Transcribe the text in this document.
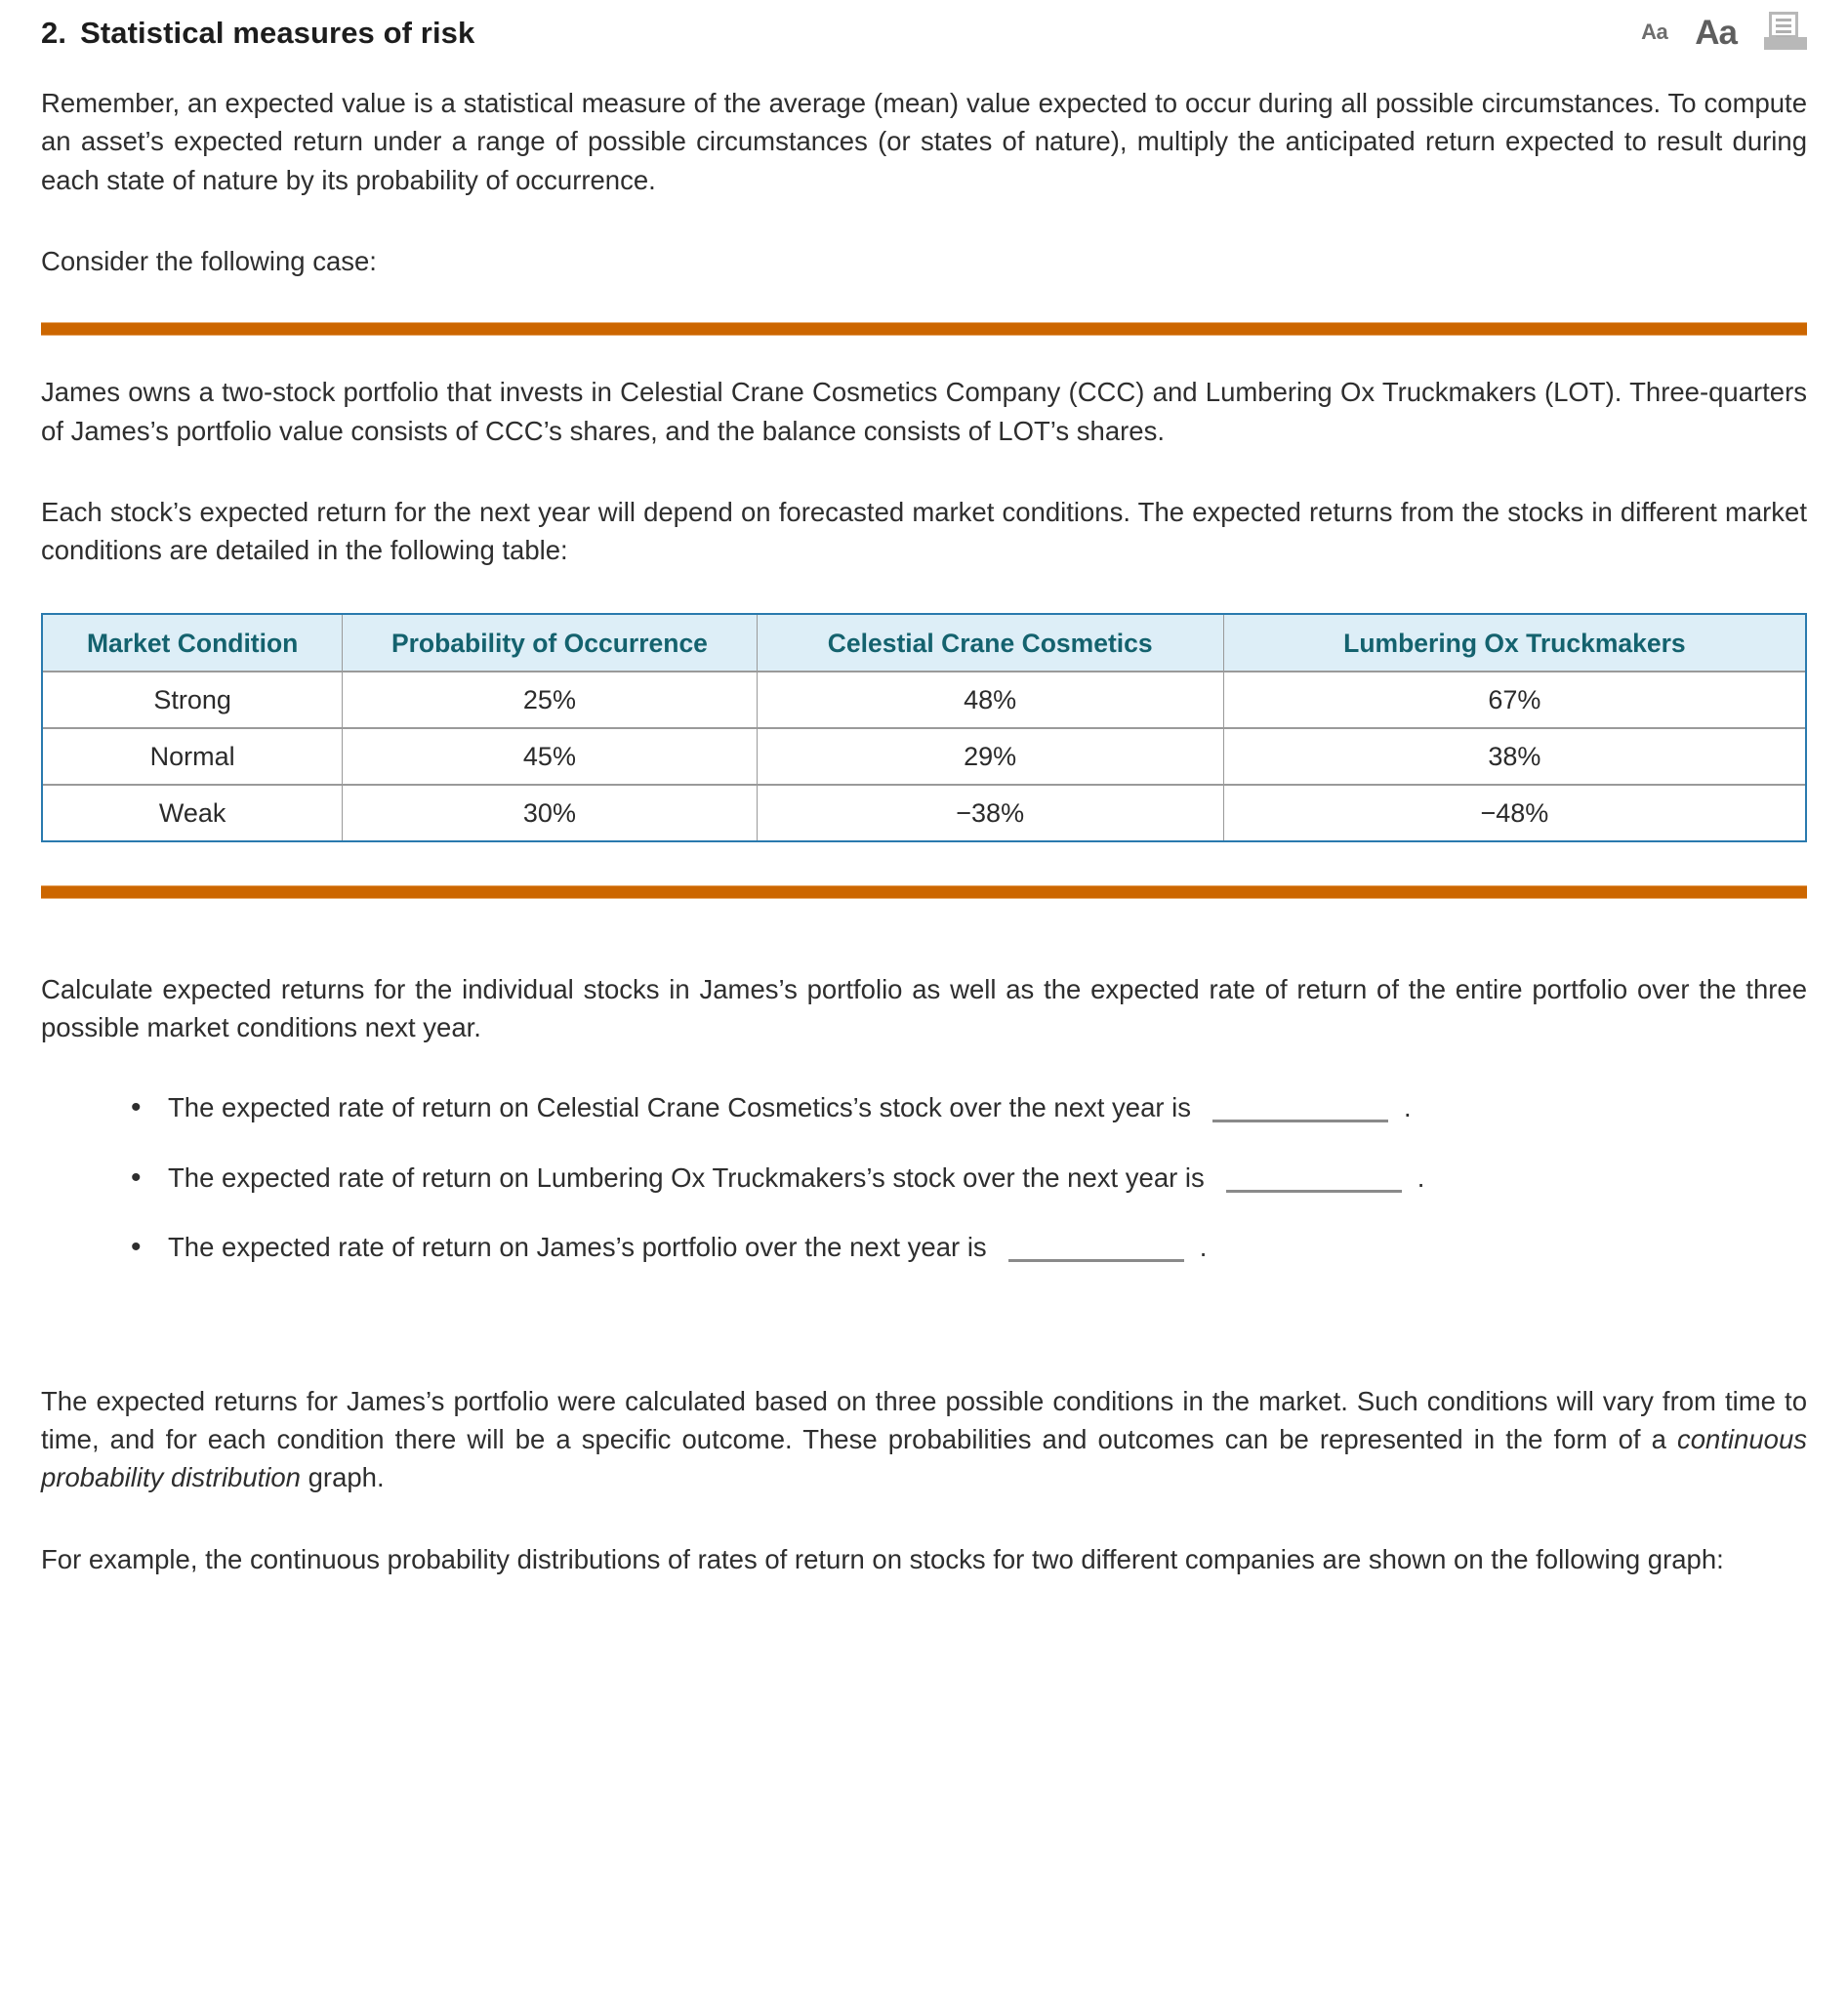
2. Statistical measures of risk	Aa Aa

Remember, an expected value is a statistical measure of the average (mean) value expected to occur during all possible circumstances. To compute an asset’s expected return under a range of possible circumstances (or states of nature), multiply the anticipated return expected to result during each state of nature by its probability of occurrence.

Consider the following case:

James owns a two-stock portfolio that invests in Celestial Crane Cosmetics Company (CCC) and Lumbering Ox Truckmakers (LOT). Three-quarters of James’s portfolio value consists of CCC’s shares, and the balance consists of LOT’s shares.

Each stock’s expected return for the next year will depend on forecasted market conditions. The expected returns from the stocks in different market conditions are detailed in the following table:

Market Condition	Probability of Occurrence	Celestial Crane Cosmetics	Lumbering Ox Truckmakers
Strong	25%	48%	67%
Normal	45%	29%	38%
Weak	30%	−38%	−48%

Calculate expected returns for the individual stocks in James’s portfolio as well as the expected rate of return of the entire portfolio over the three possible market conditions next year.

• The expected rate of return on Celestial Crane Cosmetics’s stock over the next year is	.
• The expected rate of return on Lumbering Ox Truckmakers’s stock over the next year is	.
• The expected rate of return on James’s portfolio over the next year is	.

The expected returns for James’s portfolio were calculated based on three possible conditions in the market. Such conditions will vary from time to time, and for each condition there will be a specific outcome. These probabilities and outcomes can be represented in the form of a continuous probability distribution graph.

For example, the continuous probability distributions of rates of return on stocks for two different companies are shown on the following graph:
